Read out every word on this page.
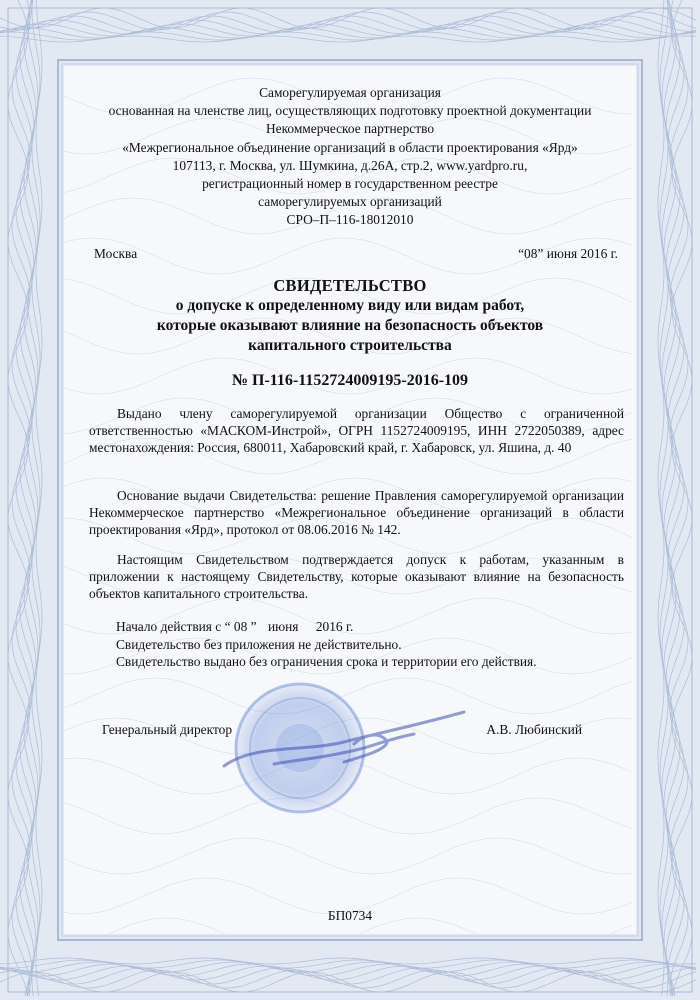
Саморегулируемая организация
основанная на членстве лиц, осуществляющих подготовку проектной документации
Некоммерческое партнерство
«Межрегиональное объединение организаций в области проектирования «Ярд»
107113, г. Москва, ул. Шумкина, д.26А, стр.2, www.yardpro.ru,
регистрационный номер в государственном реестре
саморегулируемых организаций
СРО–П–116-18012010
Москва	“08” июня 2016 г.
СВИДЕТЕЛЬСТВО
о допуске к определенному виду или видам работ,
которые оказывают влияние на безопасность объектов
капитального строительства
№ П-116-1152724009195-2016-109
Выдано члену саморегулируемой организации Общество с ограниченной ответственностью «МАСКОМ-Инстрой», ОГРН 1152724009195, ИНН 2722050389, адрес местонахождения: Россия, 680011, Хабаровский край, г. Хабаровск, ул. Яшина, д. 40
Основание выдачи Свидетельства: решение Правления саморегулируемой организации Некоммерческое партнерство «Межрегиональное объединение организаций в области проектирования «Ярд», протокол от 08.06.2016 № 142.
Настоящим Свидетельством подтверждается допуск к работам, указанным в приложении к настоящему Свидетельству, которые оказывают влияние на безопасность объектов капитального строительства.
Начало действия с “ 08 ” июня 2016 г.
Свидетельство без приложения не действительно.
Свидетельство выдано без ограничения срока и территории его действия.
Генеральный директор	А.В. Любинский
БП0734
